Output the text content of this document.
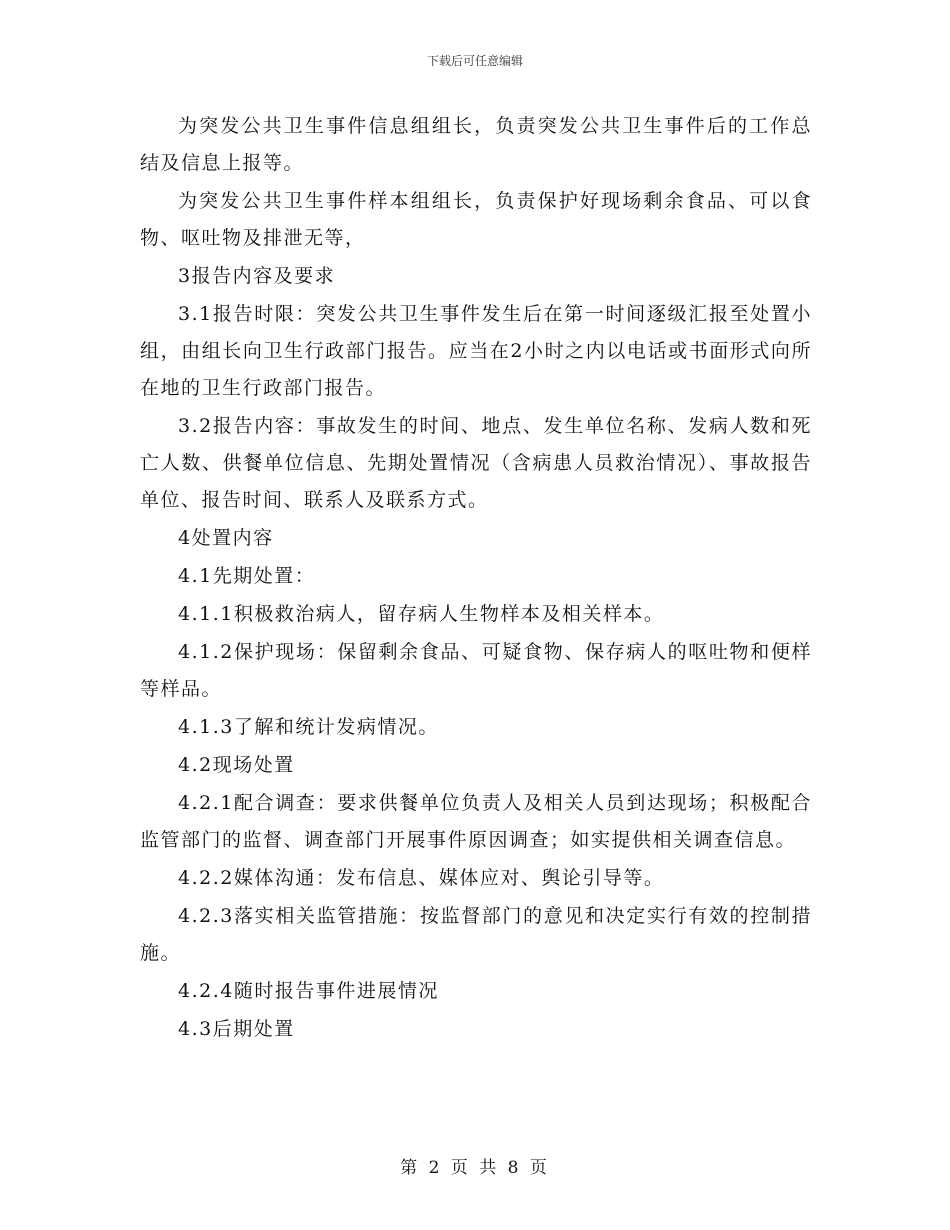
下载后可任意编辑

为突发公共卫生事件信息组组长，负责突发公共卫生事件后的工作总结及信息上报等。

为突发公共卫生事件样本组组长，负责保护好现场剩余食品、可以食物、呕吐物及排泄无等，

3报告内容及要求

3.1报告时限：突发公共卫生事件发生后在第一时间逐级汇报至处置小组，由组长向卫生行政部门报告。应当在2小时之内以电话或书面形式向所在地的卫生行政部门报告。

3.2报告内容：事故发生的时间、地点、发生单位名称、发病人数和死亡人数、供餐单位信息、先期处置情况（含病患人员救治情况）、事故报告单位、报告时间、联系人及联系方式。

4处置内容

4.1先期处置：

4.1.1积极救治病人，留存病人生物样本及相关样本。

4.1.2保护现场：保留剩余食品、可疑食物、保存病人的呕吐物和便样等样品。

4.1.3了解和统计发病情况。

4.2现场处置

4.2.1配合调查：要求供餐单位负责人及相关人员到达现场；积极配合监管部门的监督、调查部门开展事件原因调查；如实提供相关调查信息。

4.2.2媒体沟通：发布信息、媒体应对、舆论引导等。

4.2.3落实相关监管措施：按监督部门的意见和决定实行有效的控制措施。

4.2.4随时报告事件进展情况

4.3后期处置

第 2 页 共 8 页
